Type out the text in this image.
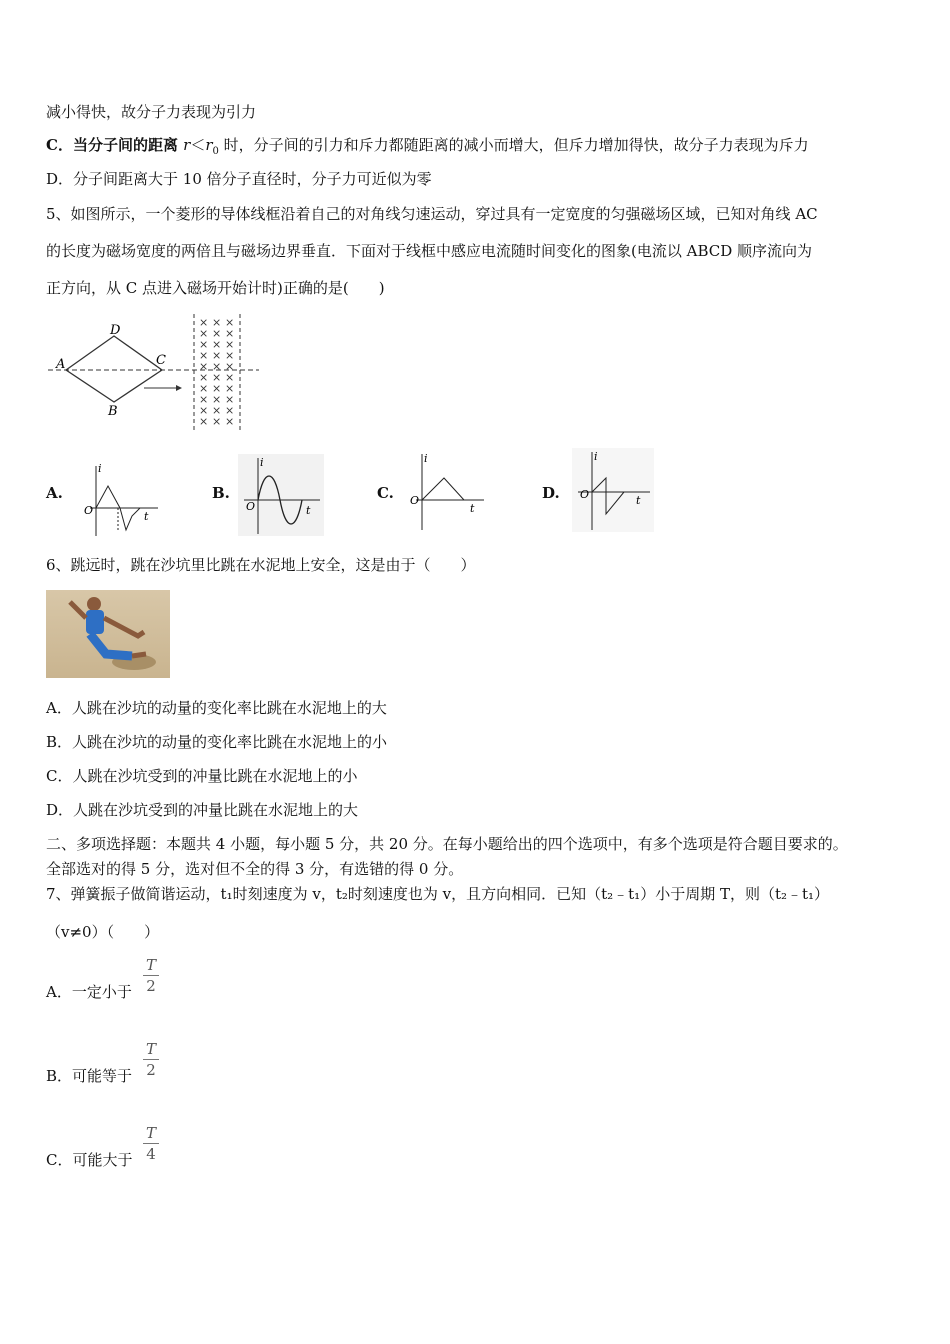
减小得快，故分子力表现为引力
C．当分子间的距离 $r<r_0$ 时，分子间的引力和斥力都随距离的减小而增大，但斥力增加得快，故分子力表现为斥力
D．分子间距离大于 10 倍分子直径时，分子力可近似为零
5、如图所示，一个菱形的导体线框沿着自己的对角线匀速运动，穿过具有一定宽度的匀强磁场区域，已知对角线 AC
的长度为磁场宽度的两倍且与磁场边界垂直．下面对于线框中感应电流随时间变化的图象(电流以 ABCD 顺序流向为
正方向，从 C 点进入磁场开始计时)正确的是(　　)
A
D
C
B
× × ×
× × ×
× × ×
× × ×
× × ×
× × ×
× × ×
× × ×
× × ×
× × ×
A.
i
O	t
B.
i
O	t
C.
i
O
t
D.
i
O	t
6、跳远时，跳在沙坑里比跳在水泥地上安全，这是由于（　　）
A．人跳在沙坑的动量的变化率比跳在水泥地上的大
B．人跳在沙坑的动量的变化率比跳在水泥地上的小
C．人跳在沙坑受到的冲量比跳在水泥地上的小
D．人跳在沙坑受到的冲量比跳在水泥地上的大
二、多项选择题：本题共 4 小题，每小题 5 分，共 20 分。在每小题给出的四个选项中，有多个选项是符合题目要求的。
全部选对的得 5 分，选对但不全的得 3 分，有选错的得 0 分。
7、弹簧振子做简谐运动，t₁时刻速度为 v，t₂时刻速度也为 v，且方向相同．已知（t₂﹣t₁）小于周期 T，则（t₂﹣t₁）
（v≠0）（　　）
A．一定小于
T
2
B．可能等于
T
2
C．可能大于
T
4
